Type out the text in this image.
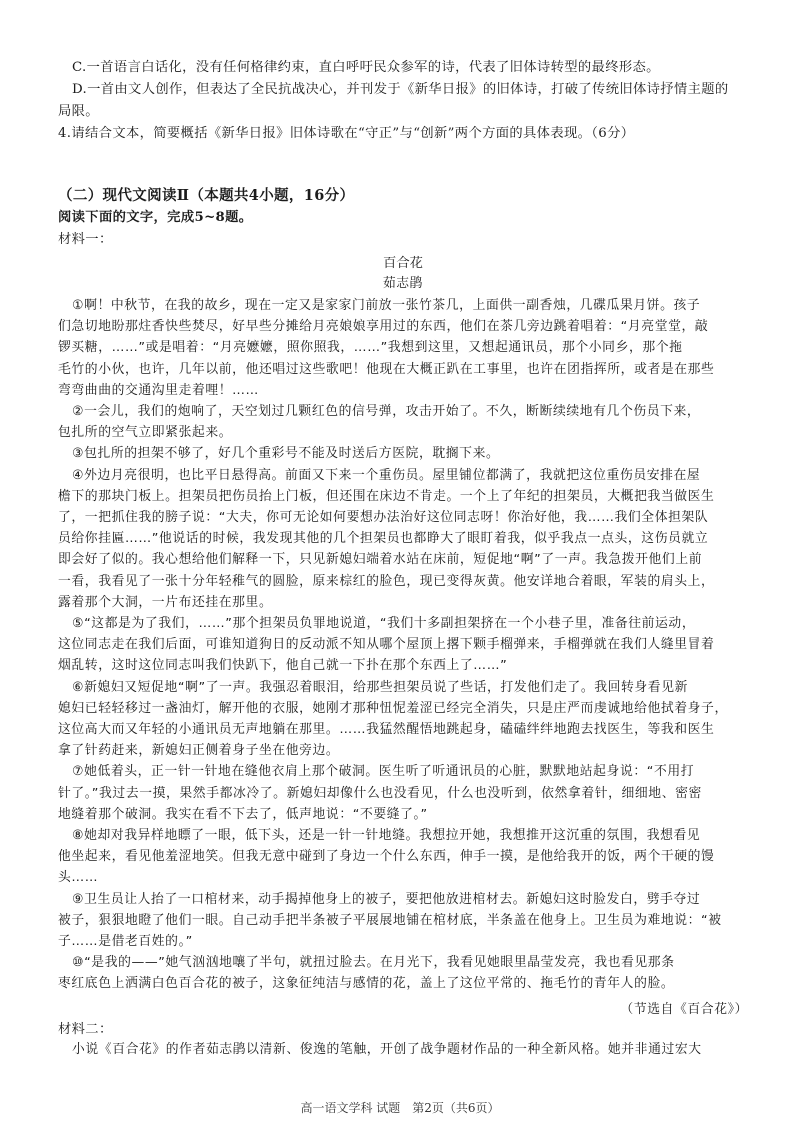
C.一首语言白话化，没有任何格律约束，直白呼吁民众参军的诗，代表了旧体诗转型的最终形态。
D.一首由文人创作，但表达了全民抗战决心，并刊发于《新华日报》的旧体诗，打破了传统旧体诗抒情主题的
局限。
4.请结合文本，简要概括《新华日报》旧体诗歌在“守正”与“创新”两个方面的具体表现。（6分）
（二）现代文阅读Ⅱ（本题共4小题，16分）
阅读下面的文字，完成5~8题。
材料一：
百合花
茹志鹃
①啊！中秋节，在我的故乡，现在一定又是家家门前放一张竹茶几，上面供一副香烛，几碟瓜果月饼。孩子
们急切地盼那炷香快些焚尽，好早些分摊给月亮娘娘享用过的东西，他们在茶几旁边跳着唱着：“月亮堂堂，敲
锣买糖，……”或是唱着：“月亮嬷嬷，照你照我，……”我想到这里，又想起通讯员，那个小同乡，那个拖
毛竹的小伙，也许，几年以前，他还唱过这些歌吧！他现在大概正趴在工事里，也许在团指挥所，或者是在那些
弯弯曲曲的交通沟里走着哩！……
②一会儿，我们的炮响了，天空划过几颗红色的信号弹，攻击开始了。不久，断断续续地有几个伤员下来，
包扎所的空气立即紧张起来。
③包扎所的担架不够了，好几个重彩号不能及时送后方医院，耽搁下来。
④外边月亮很明，也比平日悬得高。前面又下来一个重伤员。屋里铺位都满了，我就把这位重伤员安排在屋
檐下的那块门板上。担架员把伤员抬上门板，但还围在床边不肯走。一个上了年纪的担架员，大概把我当做医生
了，一把抓住我的膀子说：“大夫，你可无论如何要想办法治好这位同志呀！你治好他，我……我们全体担架队
员给你挂匾……”他说话的时候，我发现其他的几个担架员也都睁大了眼盯着我，似乎我点一点头，这伤员就立
即会好了似的。我心想给他们解释一下，只见新媳妇端着水站在床前，短促地“啊”了一声。我急拨开他们上前
一看，我看见了一张十分年轻稚气的圆脸，原来棕红的脸色，现已变得灰黄。他安详地合着眼，军装的肩头上，
露着那个大洞，一片布还挂在那里。
⑤“这都是为了我们，……”那个担架员负罪地说道，“我们十多副担架挤在一个小巷子里，准备往前运动，
这位同志走在我们后面，可谁知道狗日的反动派不知从哪个屋顶上撂下颗手榴弹来，手榴弹就在我们人缝里冒着
烟乱转，这时这位同志叫我们快趴下，他自己就一下扑在那个东西上了……”
⑥新媳妇又短促地“啊”了一声。我强忍着眼泪，给那些担架员说了些话，打发他们走了。我回转身看见新
媳妇已轻轻移过一盏油灯，解开他的衣服，她刚才那种忸怩羞涩已经完全消失，只是庄严而虔诚地给他拭着身子，
这位高大而又年轻的小通讯员无声地躺在那里。……我猛然醒悟地跳起身，磕磕绊绊地跑去找医生，等我和医生
拿了针药赶来，新媳妇正侧着身子坐在他旁边。
⑦她低着头，正一针一针地在缝他衣肩上那个破洞。医生听了听通讯员的心脏，默默地站起身说：“不用打
针了。”我过去一摸，果然手都冰冷了。新媳妇却像什么也没看见，什么也没听到，依然拿着针，细细地、密密
地缝着那个破洞。我实在看不下去了，低声地说：“不要缝了。”
⑧她却对我异样地瞟了一眼，低下头，还是一针一针地缝。我想拉开她，我想推开这沉重的氛围，我想看见
他坐起来，看见他羞涩地笑。但我无意中碰到了身边一个什么东西，伸手一摸，是他给我开的饭，两个干硬的馒
头……
⑨卫生员让人抬了一口棺材来，动手揭掉他身上的被子，要把他放进棺材去。新媳妇这时脸发白，劈手夺过
被子，狠狠地瞪了他们一眼。自己动手把半条被子平展展地铺在棺材底，半条盖在他身上。卫生员为难地说：“被
子……是借老百姓的。”
⑩“是我的——”她气汹汹地嚷了半句，就扭过脸去。在月光下，我看见她眼里晶莹发亮，我也看见那条
枣红底色上洒满白色百合花的被子，这象征纯洁与感情的花，盖上了这位平常的、拖毛竹的青年人的脸。
（节选自《百合花》）
材料二：
小说《百合花》的作者茹志鹃以清新、俊逸的笔触，开创了战争题材作品的一种全新风格。她并非通过宏大
高一语文学科 试题　第2页（共6页）
